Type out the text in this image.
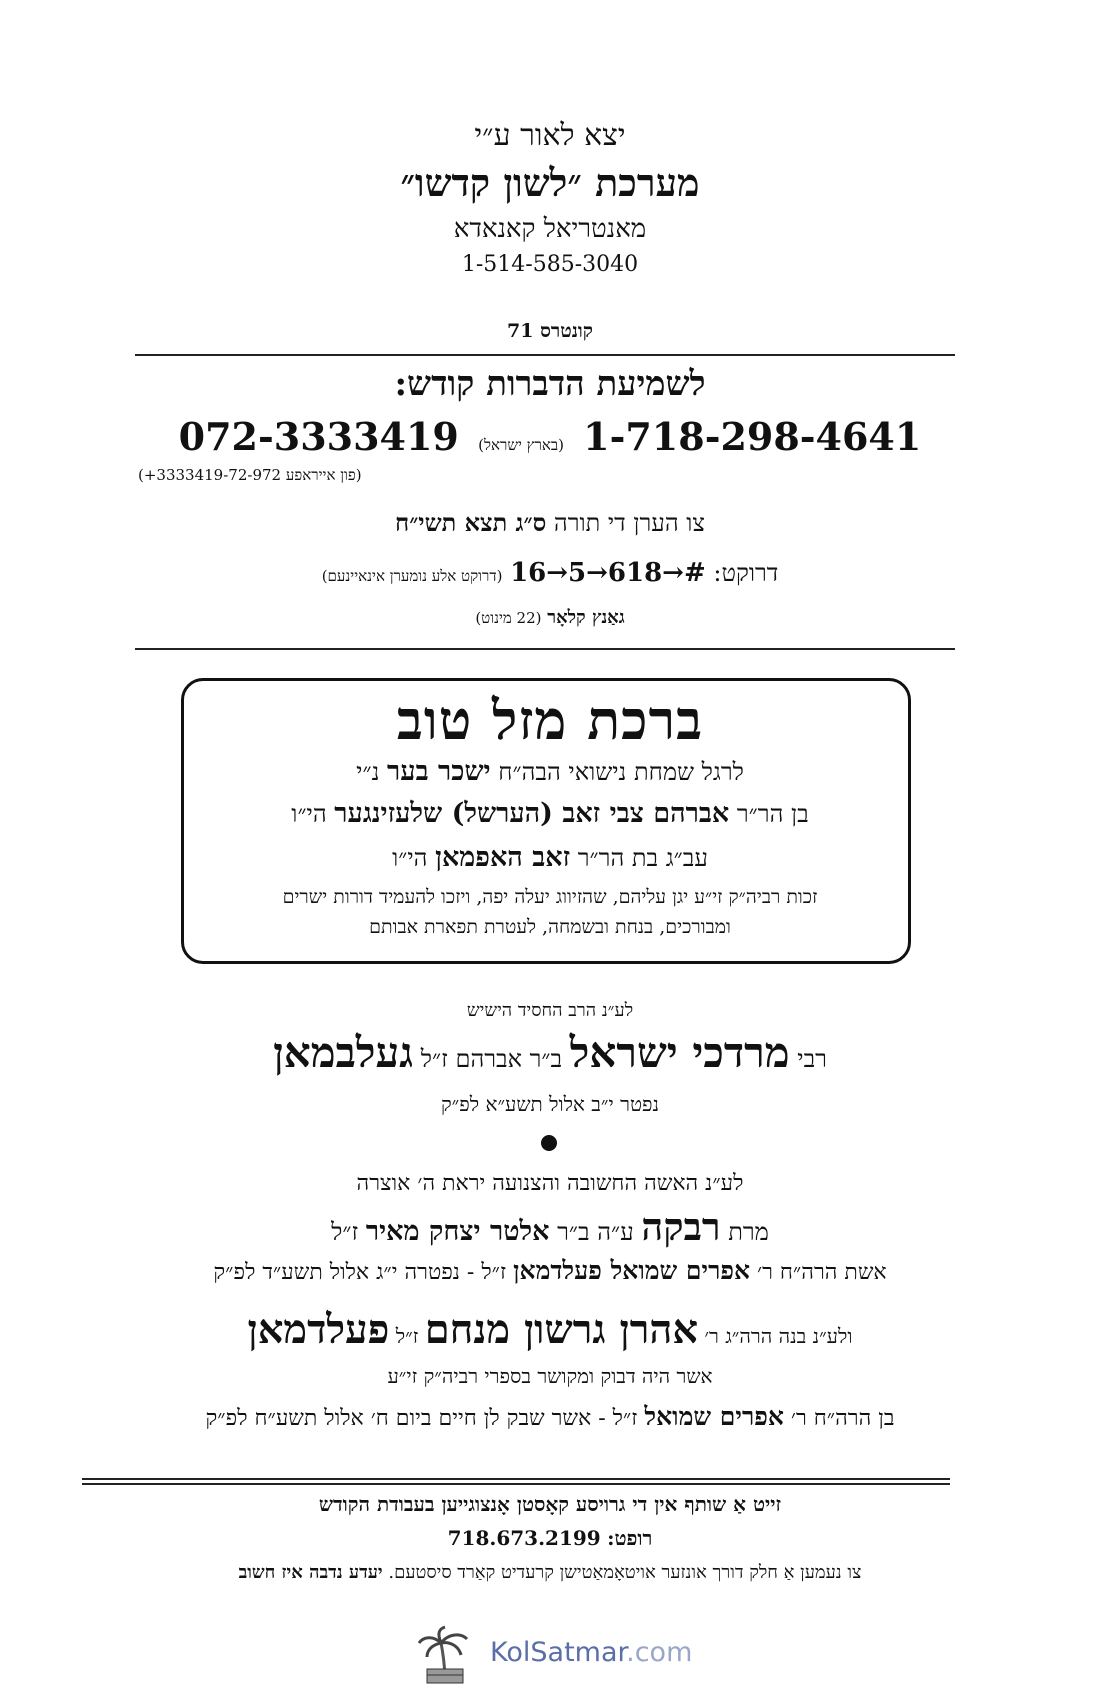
יצא לאור ע״י
מערכת ״לשון קדשו״
מאנטריאל קאנאדא
1-514-585-3040
קונטרס 71
לשמיעת הדברות קודש:
1-718-298-4641 (בארץ ישראל) 072-3333419
(פון אייראפע 3333419-72-972+)
צו הערן די תורה ס״ג תצא תשי״ח
דרוקט: 16→5→618→# (דרוקט אלע נומערן אינאיינעם)
גאַנץ קלאָר (22 מינוט)
ברכת מזל טוב
לרגל שמחת נישואי הבה״ח ישכר בער נ״י
בן הר״ר אברהם צבי זאב (הערשל) שלעזינגער הי״ו
עב״ג בת הר״ר זאב האפמאן הי״ו
זכות רביה״ק זי״ע יגן עליהם, שהזיווג יעלה יפה, ויזכו להעמיד דורות ישרים
ומבורכים, בנחת ובשמחה, לעטרת תפארת אבותם
לע״נ הרב החסיד הישיש
רבי מרדכי ישראל ב״ר אברהם ז״ל געלבמאן
נפטר י״ב אלול תשע״א לפ״ק
לע״נ האשה החשובה והצנועה יראת ה׳ אוצרה
מרת רבקה ע״ה ב״ר אלטר יצחק מאיר ז״ל
אשת הרה״ח ר׳ אפרים שמואל פעלדמאן ז״ל - נפטרה י״ג אלול תשע״ד לפ״ק
ולע״נ בנה הרה״ג ר׳ אהרן גרשון מנחם ז״ל פעלדמאן
אשר היה דבוק ומקושר בספרי רביה״ק זי״ע
בן הרה״ח ר׳ אפרים שמואל ז״ל - אשר שבק לן חיים ביום ח׳ אלול תשע״ח לפ״ק
זייט אַ שותף אין די גרויסע קאָסטן אָנצוגייען בעבודת הקודש
רופט: 718.673.2199
צו נעמען אַ חלק דורך אונזער אויטאָמאַטישן קרעדיט קאַרד סיסטעם. יעדע נדבה איז חשוב
KolSatmar.com
